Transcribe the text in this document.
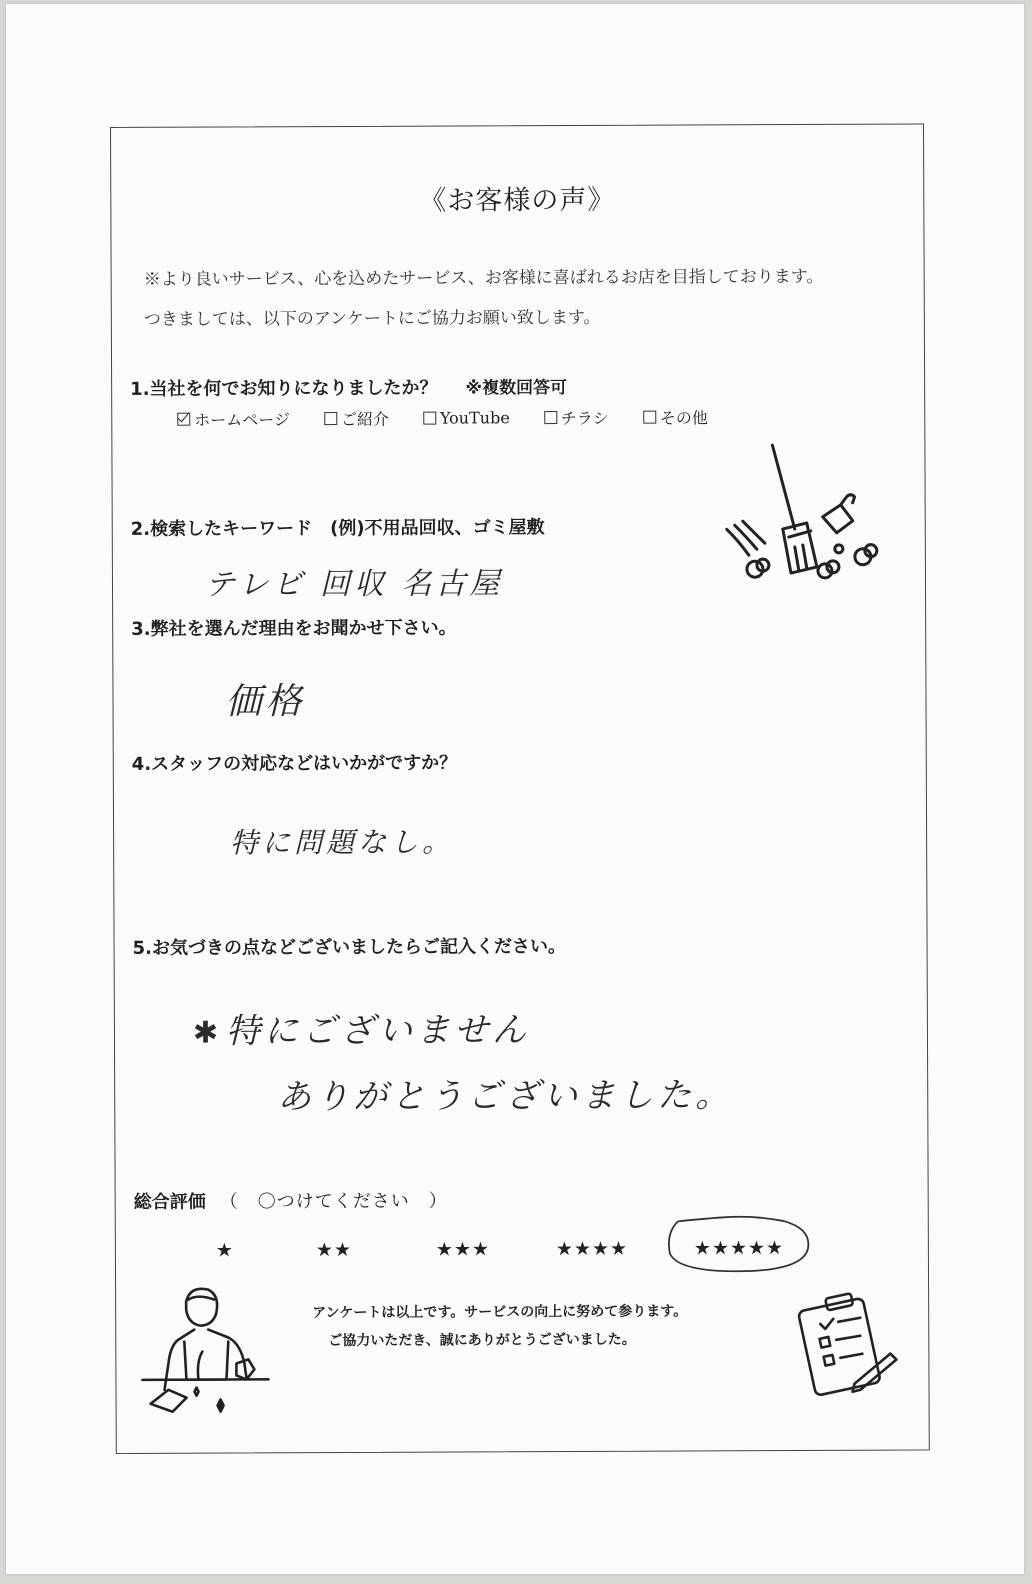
《お客様の声》
※より良いサービス、心を込めたサービス、お客様に喜ばれるお店を目指しております。
つきましては、以下のアンケートにご協力お願い致します。
1.当社を何でお知りになりましたか？ ※複数回答可
ホームページ	ご紹介	YouTube	チラシ	その他
2.検索したキーワード　(例)不用品回収、ゴミ屋敷
テレビ 回収 名古屋
3.弊社を選んだ理由をお聞かせ下さい。
価格
4.スタッフの対応などはいかがですか？
特に問題なし。
5.お気づきの点などございましたらご記入ください。
✱ 特にございません
ありがとうございました。
総合評価 （　〇つけてください　）
★	★★	★★★	★★★★	★★★★★
アンケートは以上です。サービスの向上に努めて参ります。
ご協力いただき、誠にありがとうございました。
